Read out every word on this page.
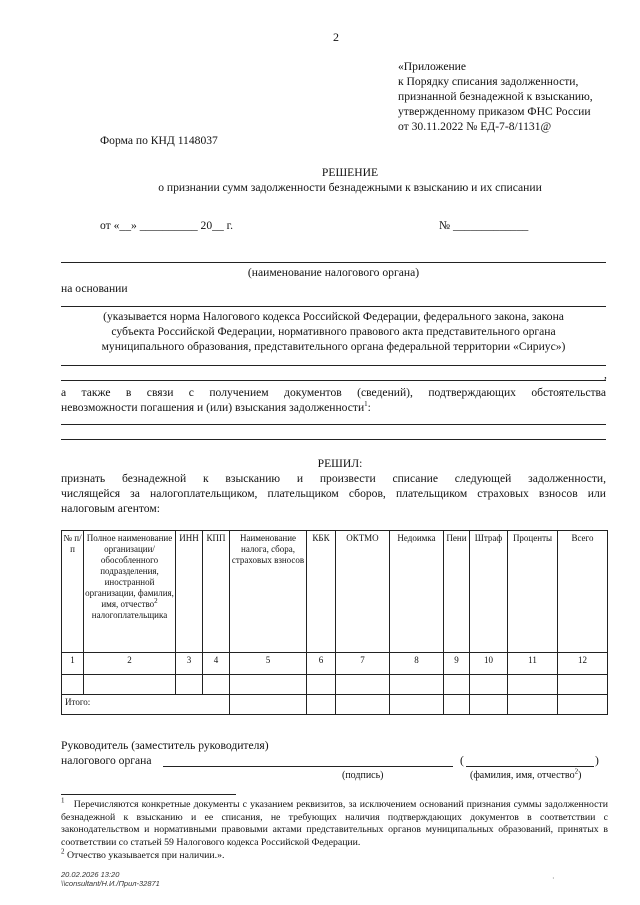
2
«Приложение
к Порядку списания задолженности,
признанной безнадежной к взысканию,
утвержденному приказом ФНС России
от 30.11.2022 № ЕД-7-8/1131@
Форма по КНД 1148037
РЕШЕНИЕ
о признании сумм задолженности безнадежными к взысканию и их списании
от «__» __________ 20__ г.	№ _____________
(наименование налогового органа)
на основании
(указывается норма Налогового кодекса Российской Федерации, федерального закона, закона
субъекта Российской Федерации, нормативного правового акта представительного органа
муниципального образования, представительного органа федеральной территории «Сириус»)
,
а также в связи с получением документов (сведений), подтверждающих обстоятельства
невозможности погашения и (или) взыскания задолженности$^1$:
РЕШИЛ:
признать безнадежной к взысканию и произвести списание следующей задолженности,
числящейся за налогоплательщиком, плательщиком сборов, плательщиком страховых взносов или
налоговым агентом:
№ п/п	Полное наименование организации/ обособленного подразделения, иностранной организации, фамилия, имя, отчество$^2$ налогоплательщика	ИНН	КПП	Наименование налога, сбора, страховых взносов	КБК	ОКТМО	Недоимка	Пени	Штраф	Проценты	Всего
1	2	3	4	5	6	7	8	9	10	11	12

Итого:											
Руководитель (заместитель руководителя)
налогового органа	(	)
(подпись)	(фамилия, имя, отчество$^2$)
$^1$ Перечисляются конкретные документы с указанием реквизитов, за исключением оснований признания суммы задолженности безнадежной к взысканию и ее списания, не требующих наличия подтверждающих документов в соответствии с законодательством и нормативными правовыми актами представительных органов муниципальных образований, принятых в соответствии со статьей 59 Налогового кодекса Российской Федерации.
$^2$ Отчество указывается при наличии.».
20.02.2026 13:20
\\consultant/Н.И./Прил-32871
·
